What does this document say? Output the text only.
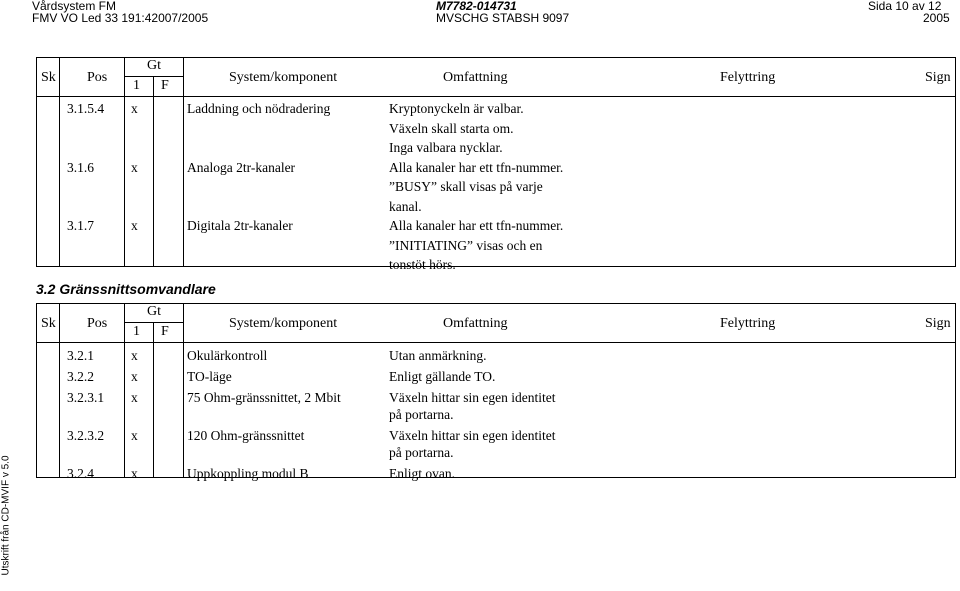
Vårdsystem FM
FMV VO Led 33 191:42007/2005
M7782-014731
MVSCHG STABSH 9097
Sida 10 av 12
2005
Utskrift från CD-MVIF v 5.0
Sk Pos
Gt
1 F
System/komponent	Omfattning	Felyttring	Sign
3.1.5.4 x	Laddning och nödradering	Kryptonyckeln är valbar.
Växeln skall starta om.
Inga valbara nycklar.
3.1.6	x	Analoga 2tr-kanaler	Alla kanaler har ett tfn-nummer.
”BUSY” skall visas på varje
kanal.
3.1.7	x	Digitala 2tr-kanaler	Alla kanaler har ett tfn-nummer.
”INITIATING” visas och en
tonstöt hörs.
3.2 Gränssnittsomvandlare
Sk Pos
Gt
1 F
System/komponent	Omfattning	Felyttring	Sign
3.2.1	x	Okulärkontroll	Utan anmärkning.
3.2.2	x	TO-läge	Enligt gällande TO.
3.2.3.1 x	75 Ohm-gränssnittet, 2 Mbit	Växeln hittar sin egen identitet
på portarna.
3.2.3.2 x	120 Ohm-gränssnittet	Växeln hittar sin egen identitet
på portarna.
3.2.4	x	Uppkoppling modul B	Enligt ovan.
